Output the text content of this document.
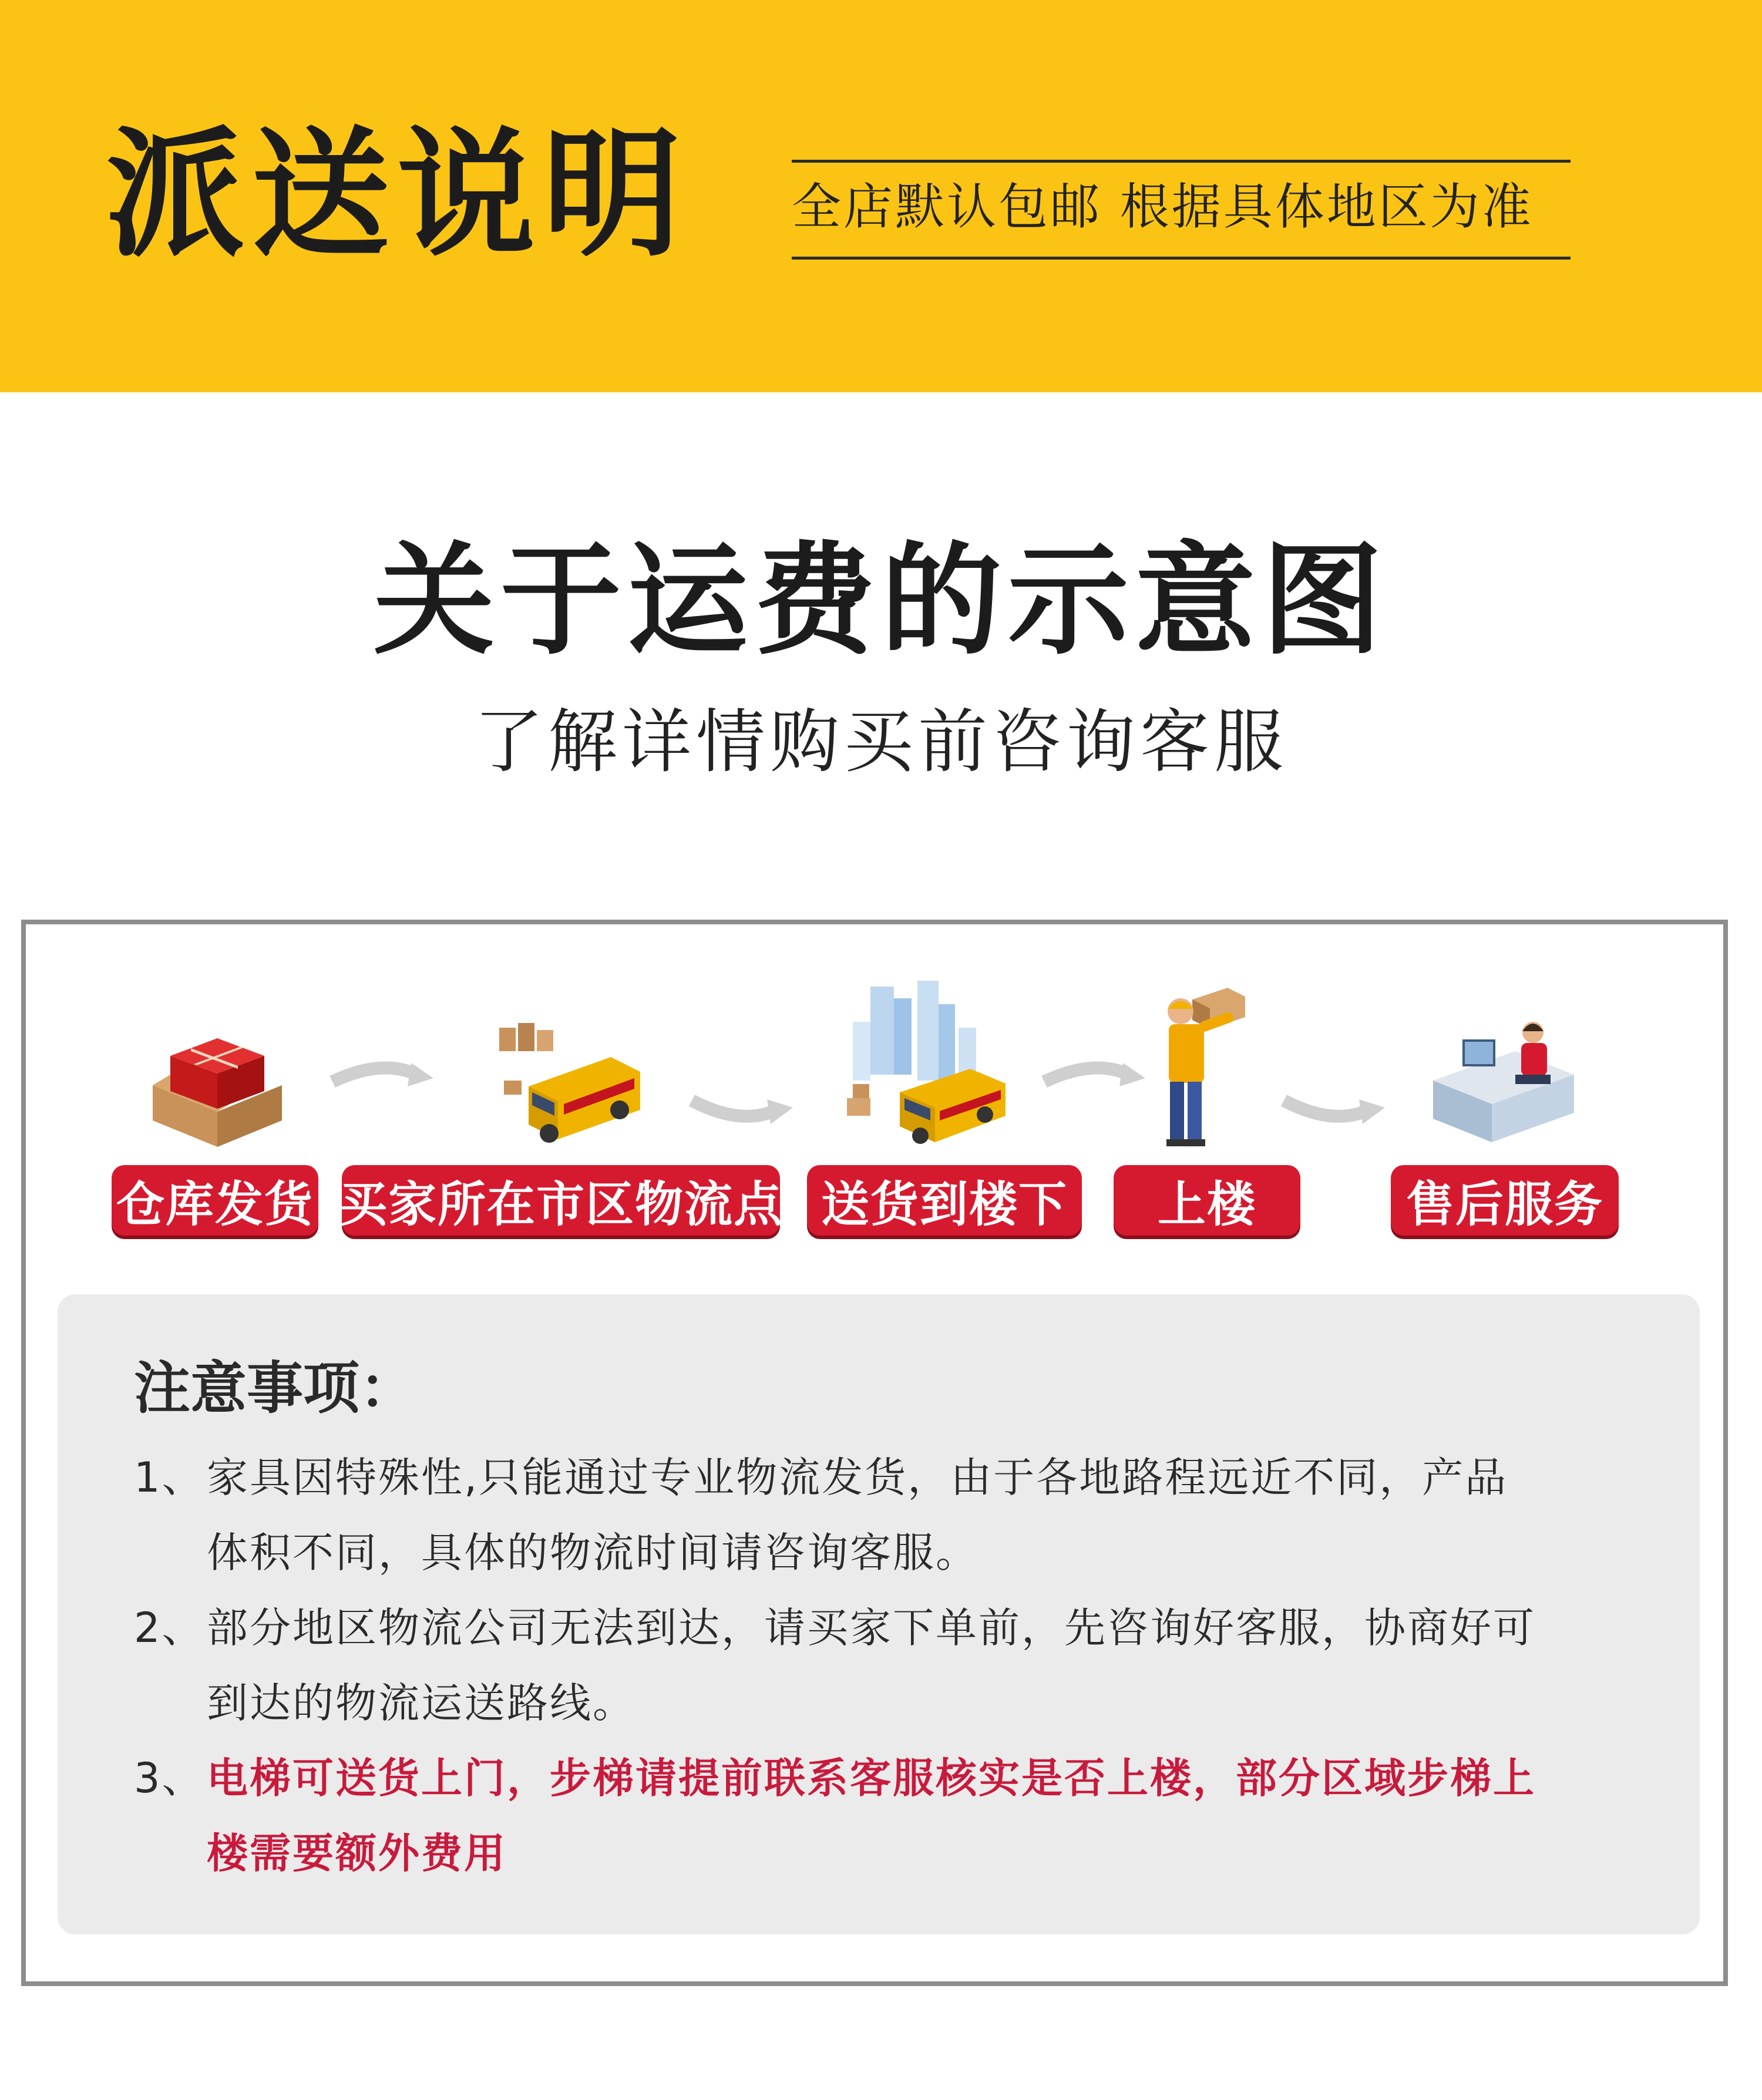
派送说明 全店默认包邮 根据具体地区为准
关于运费的示意图
了解详情购买前咨询客服
仓库发货 买家所在市区物流点 送货到楼下	上楼	售后服务
注意事项：
1、家具因特殊性,只能通过专业物流发货，由于各地路程远近不同，产品
体积不同，具体的物流时间请咨询客服。
2、部分地区物流公司无法到达，请买家下单前，先咨询好客服，协商好可
到达的物流运送路线。
3、电梯可送货上门，步梯请提前联系客服核实是否上楼，部分区域步梯上
楼需要额外费用
